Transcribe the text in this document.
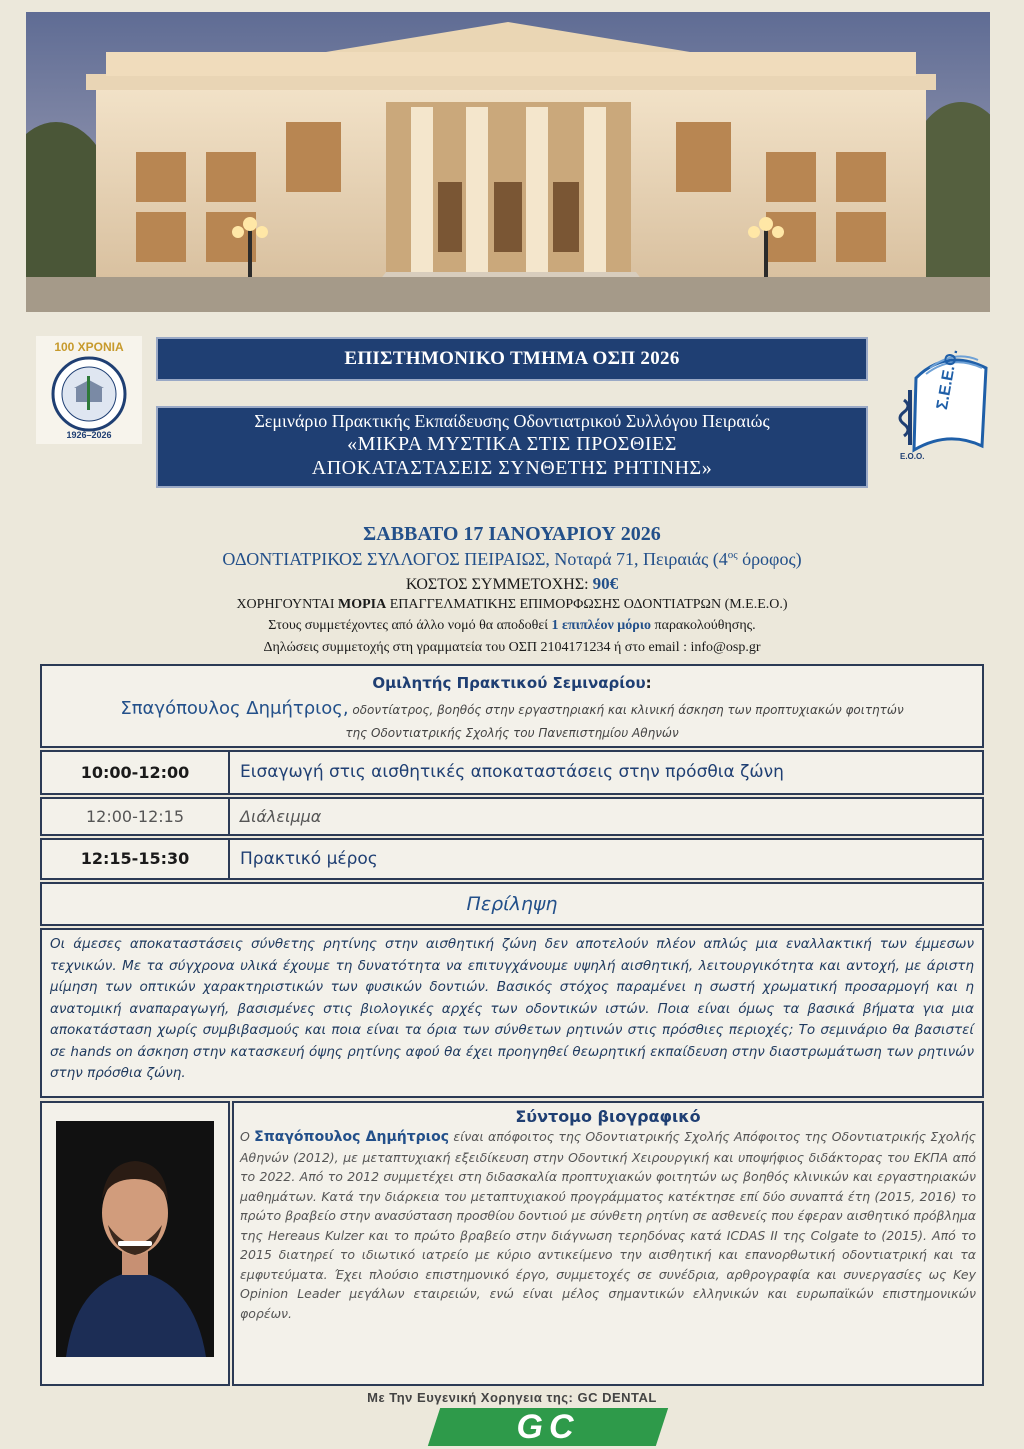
100 ΧΡΟΝΙΑ
1926–2026
Σ.Ε.Ε.Ο.
Ε.Ο.Ο.
ΕΠΙΣΤΗΜΟΝΙΚΟ ΤΜΗΜΑ ΟΣΠ 2026
Σεμινάριο Πρακτικής Εκπαίδευσης Οδοντιατρικού Συλλόγου Πειραιώς
«ΜΙΚΡΑ ΜΥΣΤΙΚΑ ΣΤΙΣ ΠΡΟΣΘΙΕΣ
ΑΠΟΚΑΤΑΣΤΑΣΕΙΣ ΣΥΝΘΕΤΗΣ ΡΗΤΙΝΗΣ»
ΣΑΒΒΑΤΟ 17 ΙΑΝΟΥΑΡΙΟΥ 2026
ΟΔΟΝΤΙΑΤΡΙΚΟΣ ΣΥΛΛΟΓΟΣ ΠΕΙΡΑΙΩΣ, Νοταρά 71, Πειραιάς ($4^{o\varsigma}$ όροφος)
ΚΟΣΤΟΣ ΣΥΜΜΕΤΟΧΗΣ: 90€
ΧΟΡΗΓΟΥΝΤΑΙ ΜΟΡΙΑ ΕΠΑΓΓΕΛΜΑΤΙΚΗΣ ΕΠΙΜΟΡΦΩΣΗΣ ΟΔΟΝΤΙΑΤΡΩΝ (Μ.Ε.Ε.Ο.)
Στους συμμετέχοντες από άλλο νομό θα αποδοθεί 1 επιπλέον μόριο παρακολούθησης.
Δηλώσεις συμμετοχής στη γραμματεία του ΟΣΠ 2104171234 ή στο email : info@osp.gr
Ομιλητής Πρακτικού Σεμιναρίου:
Σπαγόπουλος Δημήτριος, οδοντίατρος, βοηθός στην εργαστηριακή και κλινική άσκηση των προπτυχιακών φοιτητών
της Οδοντιατρικής Σχολής του Πανεπιστημίου Αθηνών
10:00-12:00	Εισαγωγή στις αισθητικές αποκαταστάσεις στην πρόσθια ζώνη
12:00-12:15	Διάλειμμα
12:15-15:30	Πρακτικό μέρος
Περίληψη
Οι άμεσες αποκαταστάσεις σύνθετης ρητίνης στην αισθητική ζώνη δεν αποτελούν πλέον απλώς μια εναλλακτική των έμμεσων τεχνικών. Με τα σύγχρονα υλικά έχουμε τη δυνατότητα να επιτυγχάνουμε υψηλή αισθητική, λειτουργικότητα και αντοχή, με άριστη μίμηση των οπτικών χαρακτηριστικών των φυσικών δοντιών. Βασικός στόχος παραμένει η σωστή χρωματική προσαρμογή και η ανατομική αναπαραγωγή, βασισμένες στις βιολογικές αρχές των οδοντικών ιστών. Ποια είναι όμως τα βασικά βήματα για μια αποκατάσταση χωρίς συμβιβασμούς και ποια είναι τα όρια των σύνθετων ρητινών στις πρόσθιες περιοχές; Το σεμινάριο θα βασιστεί σε hands on άσκηση στην κατασκευή όψης ρητίνης αφού θα έχει προηγηθεί θεωρητική εκπαίδευση στην διαστρωμάτωση των ρητινών στην πρόσθια ζώνη.
Σύντομο βιογραφικό
Ο Σπαγόπουλος Δημήτριος είναι απόφοιτος της Οδοντιατρικής Σχολής Απόφοιτος της Οδοντιατρικής Σχολής Αθηνών (2012), με μεταπτυχιακή εξειδίκευση στην Οδοντική Χειρουργική και υποψήφιος διδάκτορας του ΕΚΠΑ από το 2022. Από το 2012 συμμετέχει στη διδασκαλία προπτυχιακών φοιτητών ως βοηθός κλινικών και εργαστηριακών μαθημάτων. Κατά την διάρκεια του μεταπτυχιακού προγράμματος κατέκτησε επί δύο συναπτά έτη (2015, 2016) το πρώτο βραβείο στην ανασύσταση προσθίου δοντιού με σύνθετη ρητίνη σε ασθενείς που έφεραν αισθητικό πρόβλημα της Hereaus Kulzer και το πρώτο βραβείο στην διάγνωση τερηδόνας κατά ICDAS II της Colgate to (2015). Από το 2015 διατηρεί το ιδιωτικό ιατρείο με κύριο αντικείμενο την αισθητική και επανορθωτική οδοντιατρική και τα εμφυτεύματα. Έχει πλούσιο επιστημονικό έργο, συμμετοχές σε συνέδρια, αρθρογραφία και συνεργασίες ως Key Opinion Leader μεγάλων εταιρειών, ενώ είναι μέλος σημαντικών ελληνικών και ευρωπαϊκών επιστημονικών φορέων.
Με Την Ευγενική Χορηγεια της: GC DENTAL
GC
